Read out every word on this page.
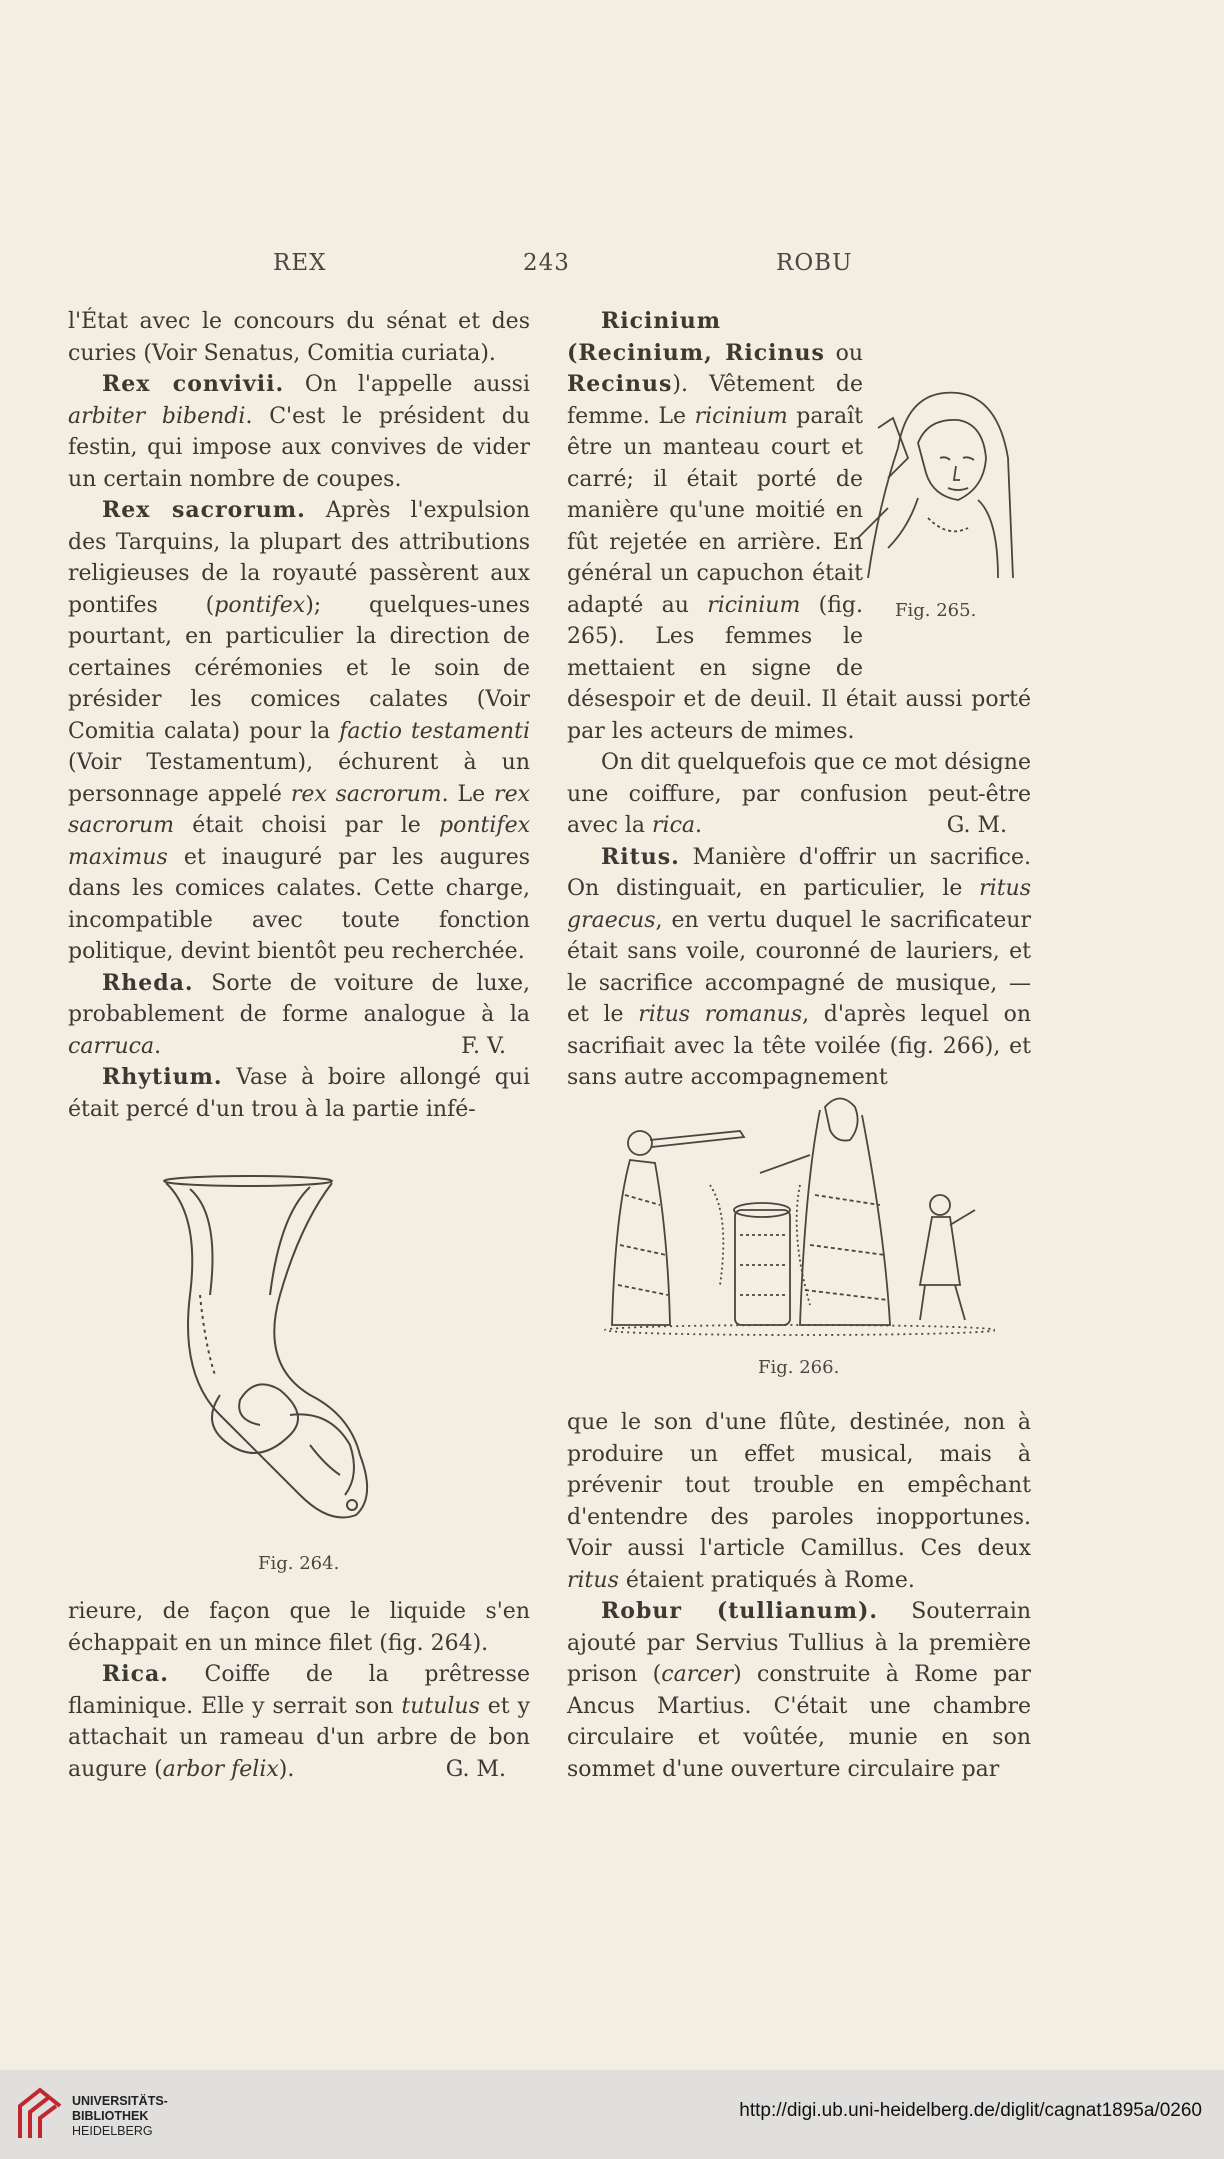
REX	243	ROBU

l'État avec le concours du sénat et des curies (Voir Senatus, Comitia curiata).

Rex convivii. On l'appelle aussi arbiter bibendi. C'est le président du festin, qui impose aux convives de vider un certain nombre de coupes.

Rex sacrorum. Après l'expulsion des Tarquins, la plupart des attributions religieuses de la royauté passèrent aux pontifes (pontifex); quelques-unes pourtant, en particulier la direction de certaines cérémonies et le soin de présider les comices calates (Voir Comitia calata) pour la factio testamenti (Voir Testamentum), échurent à un personnage appelé rex sacrorum. Le rex sacrorum était choisi par le pontifex maximus et inauguré par les augures dans les comices calates. Cette charge, incompatible avec toute fonction politique, devint bientôt peu recherchée.

Rheda. Sorte de voiture de luxe, probablement de forme analogue à la carruca.	F. V.

Rhytium. Vase à boire allongé qui était percé d'un trou à la partie infé-

Fig. 264.

rieure, de façon que le liquide s'en échappait en un mince filet (fig. 264).

Rica. Coiffe de la prêtresse flaminique. Elle y serrait son tutulus et y attachait un rameau d'un arbre de bon augure (arbor felix).	G. M.

Fig. 265.

Ricinium (Recinium, Ricinus ou Recinus). Vêtement de femme. Le ricinium paraît être un manteau court et carré; il était porté de manière qu'une moitié en fût rejetée en arrière. En général un capuchon était adapté au ricinium (fig. 265). Les femmes le mettaient en signe de désespoir et de deuil. Il était aussi porté par les acteurs de mimes.

On dit quelquefois que ce mot désigne une coiffure, par confusion peut-être avec la rica.	G. M.

Ritus. Manière d'offrir un sacrifice. On distinguait, en particulier, le ritus graecus, en vertu duquel le sacrificateur était sans voile, couronné de lauriers, et le sacrifice accompagné de musique, — et le ritus romanus, d'après lequel on sacrifiait avec la tête voilée (fig. 266), et sans autre accompagnement

Fig. 266.

que le son d'une flûte, destinée, non à produire un effet musical, mais à prévenir tout trouble en empêchant d'entendre des paroles inopportunes. Voir aussi l'article Camillus. Ces deux ritus étaient pratiqués à Rome.

Robur (tullianum). Souterrain ajouté par Servius Tullius à la première prison (carcer) construite à Rome par Ancus Martius. C'était une chambre circulaire et voûtée, munie en son sommet d'une ouverture circulaire par

UNIVERSITÄTS-
BIBLIOTHEK
HEIDELBERG
http://digi.ub.uni-heidelberg.de/diglit/cagnat1895a/0260
